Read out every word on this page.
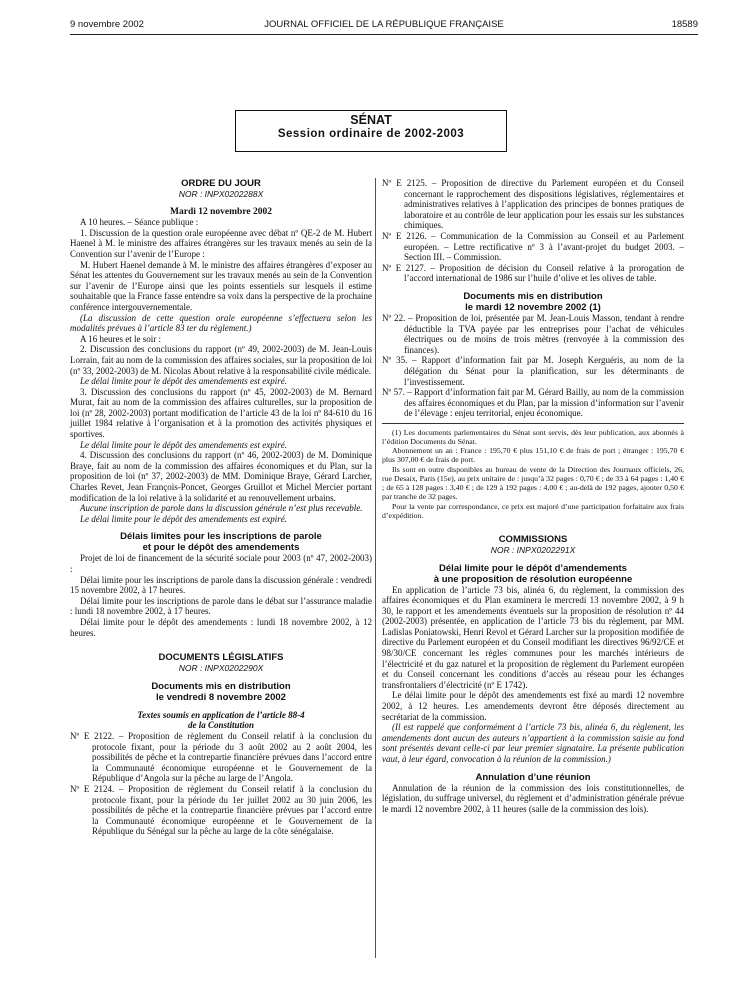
9 novembre 2002	JOURNAL OFFICIEL DE LA RÉPUBLIQUE FRANÇAISE	18589
SÉNAT
Session ordinaire de 2002-2003
ORDRE DU JOUR
NOR : INPX0202288X
Mardi 12 novembre 2002

A 10 heures. – Séance publique :

1. Discussion de la question orale européenne avec débat nº QE-2 de M. Hubert Haenel à M. le ministre des affaires étrangères sur les travaux menés au sein de la Convention sur l’avenir de l’Europe :

M. Hubert Haenel demande à M. le ministre des affaires étrangères d’exposer au Sénat les attentes du Gouvernement sur les travaux menés au sein de la Convention sur l’avenir de l’Europe ainsi que les points essentiels sur lesquels il estime souhaitable que la France fasse entendre sa voix dans la perspective de la prochaine conférence intergouvernementale.

(La discussion de cette question orale européenne s’effectuera selon les modalités prévues à l’article 83 ter du règlement.)

A 16 heures et le soir :

2. Discussion des conclusions du rapport (nº 49, 2002-2003) de M. Jean-Louis Lorrain, fait au nom de la commission des affaires sociales, sur la proposition de loi (nº 33, 2002-2003) de M. Nicolas About relative à la responsabilité civile médicale.

Le délai limite pour le dépôt des amendements est expiré.

3. Discussion des conclusions du rapport (nº 45, 2002-2003) de M. Bernard Murat, fait au nom de la commission des affaires culturelles, sur la proposition de loi (nº 28, 2002-2003) portant modification de l’article 43 de la loi nº 84-610 du 16 juillet 1984 relative à l’organisation et à la promotion des activités physiques et sportives.

Le délai limite pour le dépôt des amendements est expiré.

4. Discussion des conclusions du rapport (nº 46, 2002-2003) de M. Dominique Braye, fait au nom de la commission des affaires économiques et du Plan, sur la proposition de loi (nº 37, 2002-2003) de MM. Dominique Braye, Gérard Larcher, Charles Revet, Jean François-Poncet, Georges Gruillot et Michel Mercier portant modification de la loi relative à la solidarité et au renouvellement urbains.

Aucune inscription de parole dans la discussion générale n’est plus recevable.

Le délai limite pour le dépôt des amendements est expiré.

Délais limites pour les inscriptions de parole
et pour le dépôt des amendements

Projet de loi de financement de la sécurité sociale pour 2003 (nº 47, 2002-2003) :

Délai limite pour les inscriptions de parole dans la discussion générale : vendredi 15 novembre 2002, à 17 heures.

Délai limite pour les inscriptions de parole dans le débat sur l’assurance maladie : lundi 18 novembre 2002, à 17 heures.

Délai limite pour le dépôt des amendements : lundi 18 novembre 2002, à 12 heures.

DOCUMENTS LÉGISLATIFS
NOR : INPX0202290X
Documents mis en distribution
le vendredi 8 novembre 2002
Textes soumis en application de l’article 88-4
de la Constitution
Nº E 2122. – Proposition de règlement du Conseil relatif à la conclusion du protocole fixant, pour la période du 3 août 2002 au 2 août 2004, les possibilités de pêche et la contrepartie financière prévues dans l’accord entre la Communauté économique européenne et le Gouvernement de la République d’Angola sur la pêche au large de l’Angola.
Nº E 2124. – Proposition de règlement du Conseil relatif à la conclusion du protocole fixant, pour la période du 1er juillet 2002 au 30 juin 2006, les possibilités de pêche et la contrepartie financière prévues par l’accord entre la Communauté économique européenne et le Gouvernement de la République du Sénégal sur la pêche au large de la côte sénégalaise.
Nº E 2125. – Proposition de directive du Parlement européen et du Conseil concernant le rapprochement des dispositions législatives, réglementaires et administratives relatives à l’application des principes de bonnes pratiques de laboratoire et au contrôle de leur application pour les essais sur les substances chimiques.
Nº E 2126. – Communication de la Commission au Conseil et au Parlement européen. – Lettre rectificative nº 3 à l’avant-projet du budget 2003. – Section III. – Commission.
Nº E 2127. – Proposition de décision du Conseil relative à la prorogation de l’accord international de 1986 sur l’huile d’olive et les olives de table.
Documents mis en distribution
le mardi 12 novembre 2002 (1)
Nº 22. – Proposition de loi, présentée par M. Jean-Louis Masson, tendant à rendre déductible la TVA payée par les entreprises pour l’achat de véhicules électriques ou de moins de trois mètres (renvoyée à la commission des finances).
Nº 35. – Rapport d’information fait par M. Joseph Kerguéris, au nom de la délégation du Sénat pour la planification, sur les déterminants de l’investissement.
Nº 57. – Rapport d’information fait par M. Gérard Bailly, au nom de la commission des affaires économiques et du Plan, par la mission d’information sur l’avenir de l’élevage : enjeu territorial, enjeu économique.

(1) Les documents parlementaires du Sénat sont servis, dès leur publication, aux abonnés à l’édition Documents du Sénat.

Abonnement un an : France : 195,70 € plus 151,10 € de frais de port ; étranger : 195,70 € plus 307,00 € de frais de port.

Ils sont en outre disponibles au bureau de vente de la Direction des Journaux officiels, 26, rue Desaix, Paris (15e), au prix unitaire de : jusqu’à 32 pages : 0,70 € ; de 33 à 64 pages : 1,40 € ; de 65 à 128 pages : 3,40 € ; de 129 à 192 pages : 4,00 € ; au-delà de 192 pages, ajouter 0,50 € par tranche de 32 pages.

Pour la vente par correspondance, ce prix est majoré d’une participation forfaitaire aux frais d’expédition.

COMMISSIONS
NOR : INPX0202291X
Délai limite pour le dépôt d’amendements
à une proposition de résolution européenne

En application de l’article 73 bis, alinéa 6, du règlement, la commission des affaires économiques et du Plan examinera le mercredi 13 novembre 2002, à 9 h 30, le rapport et les amendements éventuels sur la proposition de résolution nº 44 (2002-2003) présentée, en application de l’article 73 bis du règlement, par MM. Ladislas Poniatowski, Henri Revol et Gérard Larcher sur la proposition modifiée de directive du Parlement européen et du Conseil modifiant les directives 96/92/CE et 98/30/CE concernant les règles communes pour les marchés intérieurs de l’électricité et du gaz naturel et la proposition de règlement du Parlement européen et du Conseil concernant les conditions d’accès au réseau pour les échanges transfrontaliers d’électricité (nº E 1742).

Le délai limite pour le dépôt des amendements est fixé au mardi 12 novembre 2002, à 12 heures. Les amendements devront être déposés directement au secrétariat de la commission.

(Il est rappelé que conformément à l’article 73 bis, alinéa 6, du règlement, les amendements dont aucun des auteurs n’appartient à la commission saisie au fond sont présentés devant celle-ci par leur premier signataire. La présente publication vaut, à leur égard, convocation à la réunion de la commission.)

Annulation d’une réunion

Annulation de la réunion de la commission des lois constitutionnelles, de législation, du suffrage universel, du règlement et d’administration générale prévue le mardi 12 novembre 2002, à 11 heures (salle de la commission des lois).
